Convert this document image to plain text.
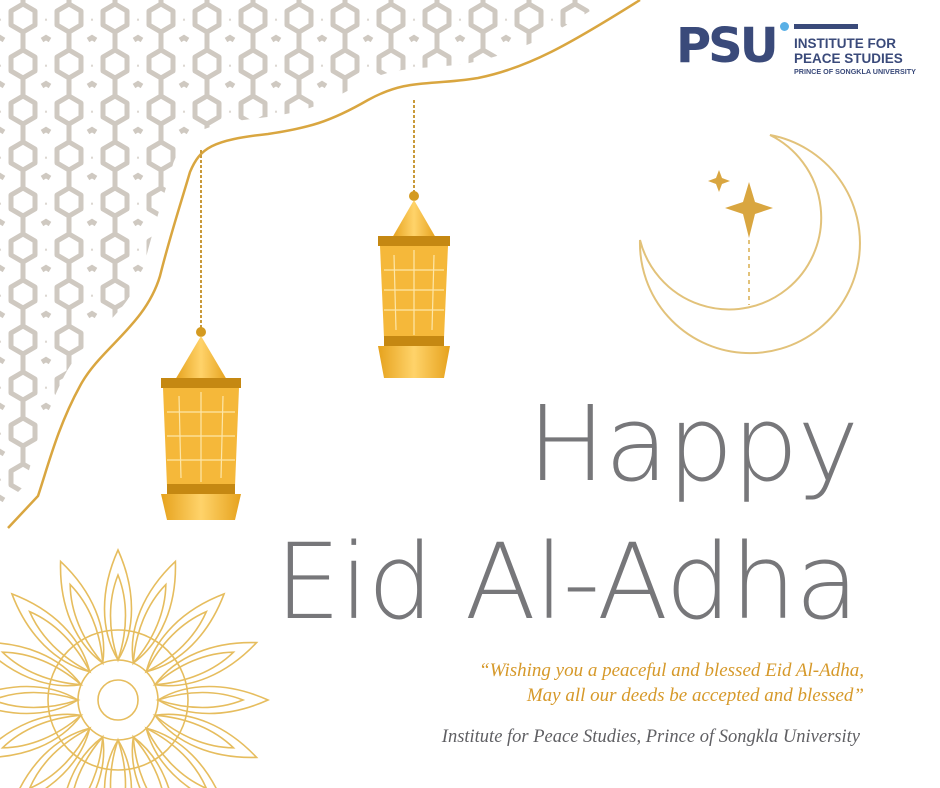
PSU INSTITUTE FOR
PEACE STUDIES
PRINCE OF SONGKLA UNIVERSITY
Happy
Eid Al-Adha
“Wishing you a peaceful and blessed Eid Al-Adha,
May all our deeds be accepted and blessed”
Institute for Peace Studies, Prince of Songkla University
